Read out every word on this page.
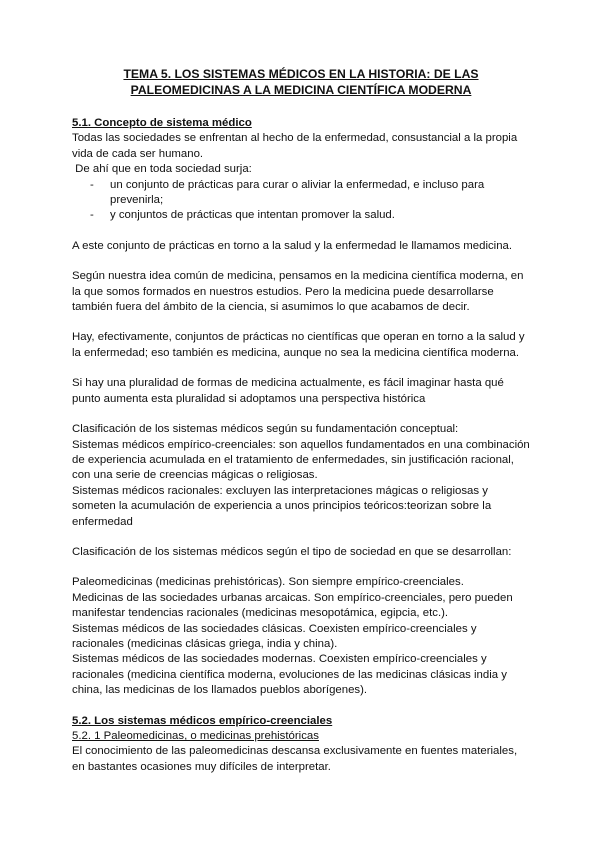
TEMA 5. LOS SISTEMAS MÉDICOS EN LA HISTORIA: DE LAS
PALEOMEDICINAS A LA MEDICINA CIENTÍFICA MODERNA

5.1. Concepto de sistema médico

Todas las sociedades se enfrentan al hecho de la enfermedad, consustancial a la propia vida de cada ser humano.

De ahí que en toda sociedad surja:

- un conjunto de prácticas para curar o aliviar la enfermedad, e incluso para prevenirla;
- y conjuntos de prácticas que intentan promover la salud.

A este conjunto de prácticas en torno a la salud y la enfermedad le llamamos medicina.

Según nuestra idea común de medicina, pensamos en la medicina científica moderna, en la que somos formados en nuestros estudios. Pero la medicina puede desarrollarse también fuera del ámbito de la ciencia, si asumimos lo que acabamos de decir.

Hay, efectivamente, conjuntos de prácticas no científicas que operan en torno a la salud y la enfermedad; eso también es medicina, aunque no sea la medicina científica moderna.

Si hay una pluralidad de formas de medicina actualmente, es fácil imaginar hasta qué punto aumenta esta pluralidad si adoptamos una perspectiva histórica

Clasificación de los sistemas médicos según su fundamentación conceptual:

Sistemas médicos empírico-creenciales: son aquellos fundamentados en una combinación de experiencia acumulada en el tratamiento de enfermedades, sin justificación racional, con una serie de creencias mágicas o religiosas.

Sistemas médicos racionales: excluyen las interpretaciones mágicas o religiosas y someten la acumulación de experiencia a unos principios teóricos:teorizan sobre la enfermedad

Clasificación de los sistemas médicos según el tipo de sociedad en que se desarrollan:

Paleomedicinas (medicinas prehistóricas). Son siempre empírico-creenciales.

Medicinas de las sociedades urbanas arcaicas. Son empírico-creenciales, pero pueden manifestar tendencias racionales (medicinas mesopotámica, egipcia, etc.).

Sistemas médicos de las sociedades clásicas. Coexisten empírico-creenciales y racionales (medicinas clásicas griega, india y china).

Sistemas médicos de las sociedades modernas. Coexisten empírico-creenciales y racionales (medicina científica moderna, evoluciones de las medicinas clásicas india y china, las medicinas de los llamados pueblos aborígenes).

5.2. Los sistemas médicos empírico-creenciales

5.2. 1 Paleomedicinas, o medicinas prehistóricas

El conocimiento de las paleomedicinas descansa exclusivamente en fuentes materiales, en bastantes ocasiones muy difíciles de interpretar.
